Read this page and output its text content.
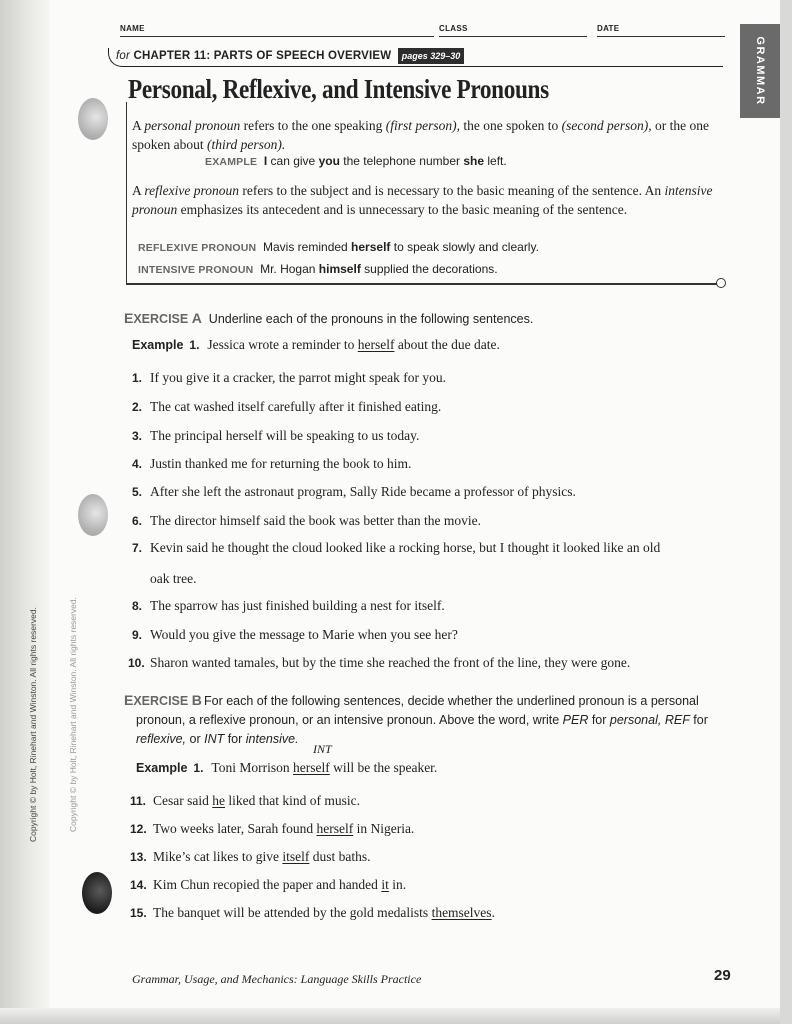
NAME	CLASS	DATE
for CHAPTER 11: PARTS OF SPEECH OVERVIEW	pages 329–30	GRAMMAR
Personal, Reflexive, and Intensive Pronouns
A personal pronoun refers to the one speaking (first person), the one spoken to (second person), or the one spoken about (third person).
EXAMPLE I can give you the telephone number she left.
A reflexive pronoun refers to the subject and is necessary to the basic meaning of the sentence. An intensive pronoun emphasizes its antecedent and is unnecessary to the basic meaning of the sentence.
REFLEXIVE PRONOUN Mavis reminded herself to speak slowly and clearly.
INTENSIVE PRONOUN Mr. Hogan himself supplied the decorations.
EXERCISE A Underline each of the pronouns in the following sentences.
Example 1. Jessica wrote a reminder to herself about the due date.
1. If you give it a cracker, the parrot might speak for you.
2. The cat washed itself carefully after it finished eating.
3. The principal herself will be speaking to us today.
4. Justin thanked me for returning the book to him.
5. After she left the astronaut program, Sally Ride became a professor of physics.
6. The director himself said the book was better than the movie.
7. Kevin said he thought the cloud looked like a rocking horse, but I thought it looked like an old
oak tree.
8. The sparrow has just finished building a nest for itself.
9. Would you give the message to Marie when you see her?
10. Sharon wanted tamales, but by the time she reached the front of the line, they were gone.
EXERCISE B For each of the following sentences, decide whether the underlined pronoun is a personal pronoun, a reflexive pronoun, or an intensive pronoun. Above the word, write PER for personal, REF for reflexive, or INT for intensive.
INT
Example 1. Toni Morrison herself will be the speaker.
11. Cesar said he liked that kind of music.
12. Two weeks later, Sarah found herself in Nigeria.
13. Mike’s cat likes to give itself dust baths.
14. Kim Chun recopied the paper and handed it in.
15. The banquet will be attended by the gold medalists themselves.
Copyright © by Holt, Rinehart and Winston. All rights reserved.	Copyright © by Holt, Rinehart and Winston. All rights reserved.
Grammar, Usage, and Mechanics: Language Skills Practice	29
